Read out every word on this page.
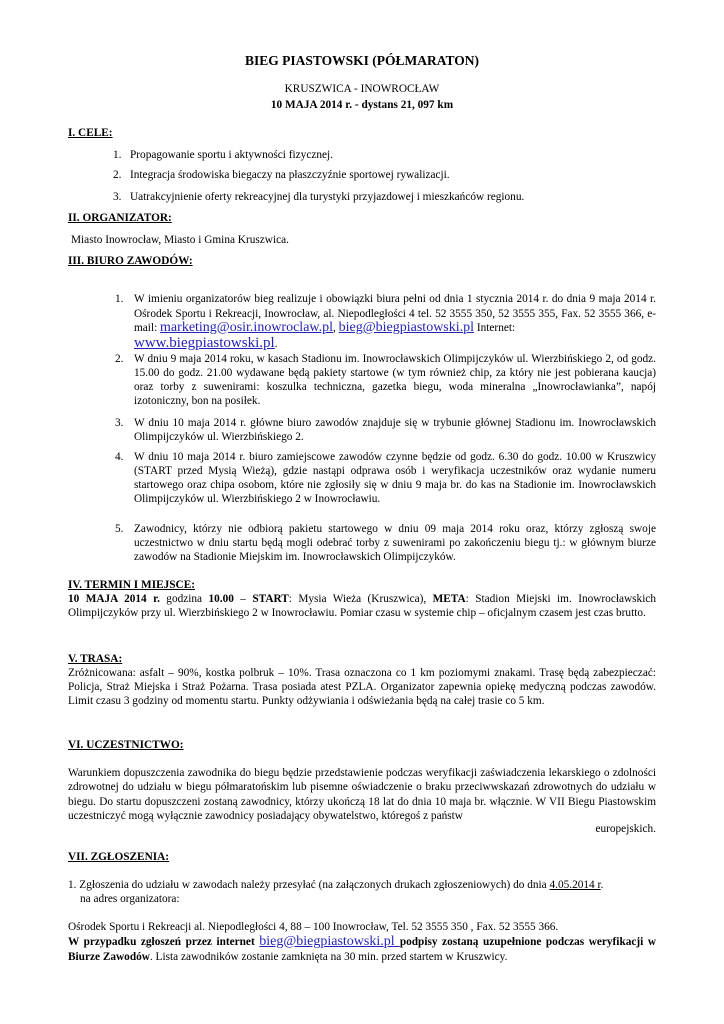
BIEG PIASTOWSKI (PÓŁMARATON)
KRUSZWICA - INOWROCŁAW
10 MAJA 2014 r. - dystans 21, 097 km
I. CELE:
1. Propagowanie sportu i aktywności fizycznej.
2. Integracja środowiska biegaczy na płaszczyźnie sportowej rywalizacji.
3. Uatrakcyjnienie oferty rekreacyjnej dla turystyki przyjazdowej i mieszkańców regionu.
II. ORGANIZATOR:
Miasto Inowrocław, Miasto i Gmina Kruszwica.
III. BIURO ZAWODÓW:
1. W imieniu organizatorów bieg realizuje i obowiązki biura pełni od dnia 1 stycznia 2014 r. do dnia 9 maja 2014 r. Ośrodek Sportu i Rekreacji, Inowrocław, al. Niepodległości 4 tel. 52 3555 350, 52 3555 355, Fax. 52 3555 366, e-mail: marketing@osir.inowroclaw.pl, bieg@biegpiastowski.pl Internet:
www.biegpiastowski.pl.
2. W dniu 9 maja 2014 roku, w kasach Stadionu im. Inowrocławskich Olimpijczyków ul. Wierzbińskiego 2, od godz. 15.00 do godz. 21.00 wydawane będą pakiety startowe (w tym również chip, za który nie jest pobierana kaucja) oraz torby z suwenirami: koszulka techniczna, gazetka biegu, woda mineralna „Inowrocławianka”, napój izotoniczny, bon na posiłek.
3. W dniu 10 maja 2014 r. główne biuro zawodów znajduje się w trybunie głównej Stadionu im. Inowrocławskich Olimpijczyków ul. Wierzbińskiego 2.
4. W dniu 10 maja 2014 r. biuro zamiejscowe zawodów czynne będzie od godz. 6.30 do godz. 10.00 w Kruszwicy (START przed Mysią Wieżą), gdzie nastąpi odprawa osób i weryfikacja uczestników oraz wydanie numeru startowego oraz chipa osobom, które nie zgłosiły się w dniu 9 maja br. do kas na Stadionie im. Inowrocławskich Olimpijczyków ul. Wierzbińskiego 2 w Inowrocławiu.
5. Zawodnicy, którzy nie odbiorą pakietu startowego w dniu 09 maja 2014 roku oraz, którzy zgłoszą swoje uczestnictwo w dniu startu będą mogli odebrać torby z suwenirami po zakończeniu biegu tj.: w głównym biurze zawodów na Stadionie Miejskim im. Inowrocławskich Olimpijczyków.
IV. TERMIN I MIEJSCE:
10 MAJA 2014 r. godzina 10.00 – START: Mysia Wieża (Kruszwica), META: Stadion Miejski im. Inowrocławskich Olimpijczyków przy ul. Wierzbińskiego 2 w Inowrocławiu. Pomiar czasu w systemie chip – oficjalnym czasem jest czas brutto.
V. TRASA:
Zróżnicowana: asfalt – 90%, kostka polbruk – 10%. Trasa oznaczona co 1 km poziomymi znakami. Trasę będą zabezpieczać: Policja, Straż Miejska i Straż Pożarna. Trasa posiada atest PZLA. Organizator zapewnia opiekę medyczną podczas zawodów. Limit czasu 3 godziny od momentu startu. Punkty odżywiania i odświeżania będą na całej trasie co 5 km.
VI. UCZESTNICTWO:
Warunkiem dopuszczenia zawodnika do biegu będzie przedstawienie podczas weryfikacji zaświadczenia lekarskiego o zdolności zdrowotnej do udziału w biegu półmaratońskim lub pisemne oświadczenie o braku przeciwwskazań zdrowotnych do udziału w biegu. Do startu dopuszczeni zostaną zawodnicy, którzy ukończą 18 lat do dnia 10 maja br. włącznie. W VII Biegu Piastowskim uczestniczyć mogą wyłącznie zawodnicy posiadający obywatelstwo, któregoś z państw
europejskich.
VII. ZGŁOSZENIA:
1. Zgłoszenia do udziału w zawodach należy przesyłać (na załączonych drukach zgłoszeniowych) do dnia 4.05.2014 r.
na adres organizatora:
Ośrodek Sportu i Rekreacji al. Niepodległości 4, 88 – 100 Inowrocław, Tel. 52 3555 350 , Fax. 52 3555 366.
W przypadku zgłoszeń przez internet bieg@biegpiastowski.pl podpisy zostaną uzupełnione podczas weryfikacji w Biurze Zawodów. Lista zawodników zostanie zamknięta na 30 min. przed startem w Kruszwicy.
